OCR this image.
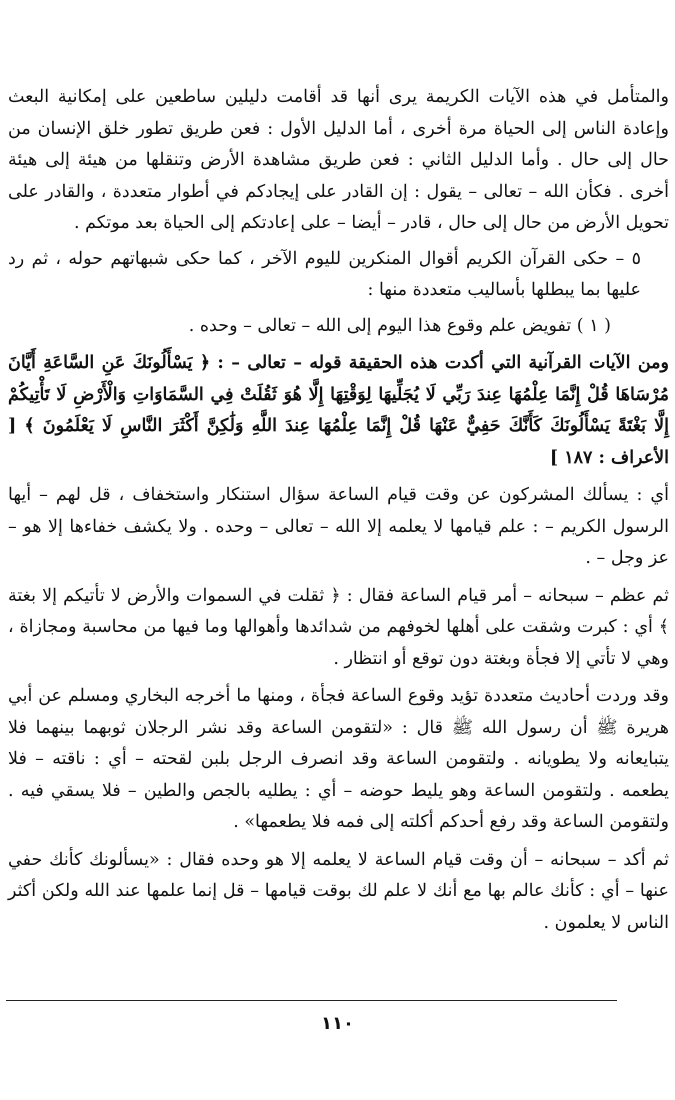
والمتأمل في هذه الآيات الكريمة يرى أنها قد أقامت دليلين ساطعين على إمكانية البعث وإعادة الناس إلى الحياة مرة أخرى ، أما الدليل الأول : فعن طريق تطور خلق الإنسان من حال إلى حال . وأما الدليل الثاني : فعن طريق مشاهدة الأرض وتنقلها من هيئة إلى هيئة أخرى . فكأن الله – تعالى – يقول : إن القادر على إيجادكم في أطوار متعددة ، والقادر على تحويل الأرض من حال إلى حال ، قادر – أيضا – على إعادتكم إلى الحياة بعد موتكم .

٥ – حكى القرآن الكريم أقوال المنكرين لليوم الآخر ، كما حكى شبهاتهم حوله ، ثم رد عليها بما يبطلها بأساليب متعددة منها :

( ١ ) تفويض علم وقوع هذا اليوم إلى الله – تعالى – وحده .

ومن الآيات القرآنية التي أكدت هذه الحقيقة قوله – تعالى – : ﴿ يَسْأَلُونَكَ عَنِ السَّاعَةِ أَيَّانَ مُرْسَاهَا قُلْ إِنَّمَا عِلْمُهَا عِندَ رَبِّي لَا يُجَلِّيهَا لِوَقْتِهَا إِلَّا هُوَ ثَقُلَتْ فِي السَّمَاوَاتِ وَالْأَرْضِ لَا تَأْتِيكُمْ إِلَّا بَغْتَةً يَسْأَلُونَكَ كَأَنَّكَ حَفِيٌّ عَنْهَا قُلْ إِنَّمَا عِلْمُهَا عِندَ اللَّهِ وَلَٰكِنَّ أَكْثَرَ النَّاسِ لَا يَعْلَمُونَ ﴾ [ الأعراف : ١٨٧ ]

أي : يسألك المشركون عن وقت قيام الساعة سؤال استنكار واستخفاف ، قل لهم – أيها الرسول الكريم – : علم قيامها لا يعلمه إلا الله – تعالى – وحده . ولا يكشف خفاءها إلا هو – عز وجل – .

ثم عظم – سبحانه – أمر قيام الساعة فقال : ﴿ ثقلت في السموات والأرض لا تأتيكم إلا بغتة ﴾ أي : كبرت وشقت على أهلها لخوفهم من شدائدها وأهوالها وما فيها من محاسبة ومجازاة ، وهي لا تأتي إلا فجأة وبغتة دون توقع أو انتظار .

وقد وردت أحاديث متعددة تؤيد وقوع الساعة فجأة ، ومنها ما أخرجه البخاري ومسلم عن أبي هريرة ﷺ أن رسول الله ﷺ قال : «لتقومن الساعة وقد نشر الرجلان ثوبهما بينهما فلا يتبايعانه ولا يطويانه . ولتقومن الساعة وقد انصرف الرجل بلبن لقحته – أي : ناقته – فلا يطعمه . ولتقومن الساعة وهو يليط حوضه – أي : يطليه بالجص والطين – فلا يسقي فيه . ولتقومن الساعة وقد رفع أحدكم أكلته إلى فمه فلا يطعمها» .

ثم أكد – سبحانه – أن وقت قيام الساعة لا يعلمه إلا هو وحده فقال : «يسألونك كأنك حفي عنها – أي : كأنك عالم بها مع أنك لا علم لك بوقت قيامها – قل إنما علمها عند الله ولكن أكثر الناس لا يعلمون .

١١٠
